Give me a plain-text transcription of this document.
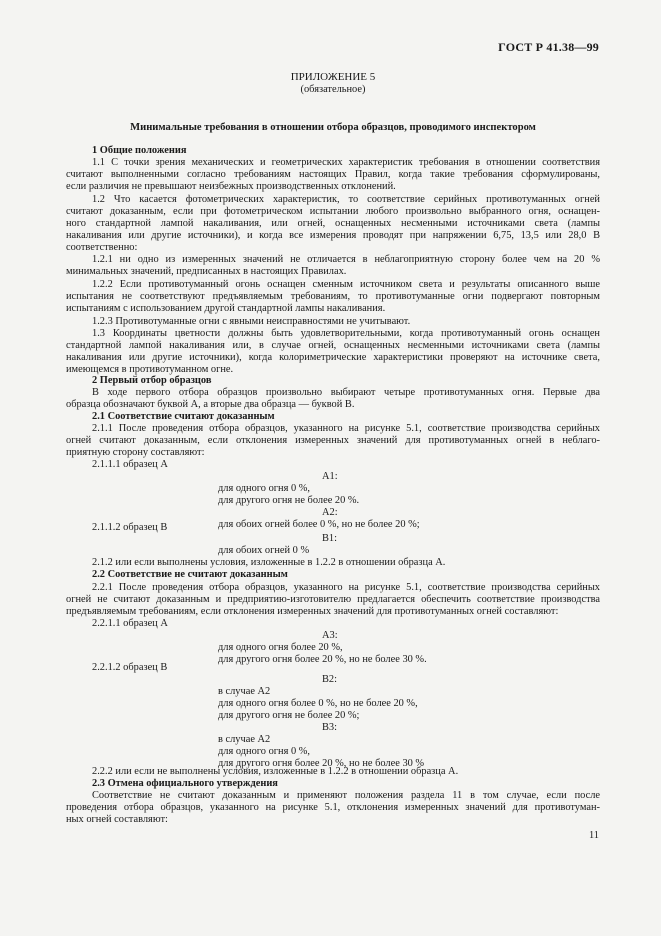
ГОСТ Р 41.38—99
ПРИЛОЖЕНИЕ 5
(обязательное)
Минимальные требования в отношении отбора образцов, проводимого инспектором
1 Общие положения
1.1 С точки зрения механических и геометрических характеристик требования в отношении соответствия
считают выполненными согласно требованиям настоящих Правил, когда такие требования сформулированы,
если различия не превышают неизбежных производственных отклонений.
1.2 Что касается фотометрических характеристик, то соответствие серийных противотуманных огней
считают доказанным, если при фотометрическом испытании любого произвольно выбранного огня, оснащен-
ного стандартной лампой накаливания, или огней, оснащенных несменными источниками света (лампы
накаливания или другие источники), и когда все измерения проводят при напряжении 6,75, 13,5 или 28,0 В
соответственно:
1.2.1 ни одно из измеренных значений не отличается в неблагоприятную сторону более чем на 20 %
минимальных значений, предписанных в настоящих Правилах.
1.2.2 Если противотуманный огонь оснащен сменным источником света и результаты описанного выше
испытания не соответствуют предъявляемым требованиям, то противотуманные огни подвергают повторным
испытаниям с использованием другой стандартной лампы накаливания.
1.2.3 Противотуманные огни с явными неисправностями не учитывают.
1.3 Координаты цветности должны быть удовлетворительными, когда противотуманный огонь оснащен
стандартной лампой накаливания или, в случае огней, оснащенных несменными источниками света (лампы
накаливания или другие источники), когда колориметрические характеристики проверяют на источнике света,
имеющемся в противотуманном огне.
2 Первый отбор образцов
В ходе первого отбора образцов произвольно выбирают четыре противотуманных огня. Первые два
образца обозначают буквой А, а вторые два образца — буквой В.
2.1 Соответствие считают доказанным
2.1.1 После проведения отбора образцов, указанного на рисунке 5.1, соответствие производства серийных
огней считают доказанным, если отклонения измеренных значений для противотуманных огней в неблаго-
приятную сторону составляют:
2.1.1.1 образец А
А1:
для одного огня 0 %,
для другого огня не более 20 %.
А2:
для обоих огней более 0 %, но не более 20 %;
2.1.1.2 образец В
В1:
для обоих огней 0 %
2.1.2 или если выполнены условия, изложенные в 1.2.2 в отношении образца А.
2.2 Соответствие не считают доказанным
2.2.1 После проведения отбора образцов, указанного на рисунке 5.1, соответствие производства серийных
огней не считают доказанным и предприятию-изготовителю предлагается обеспечить соответствие производства
предъявляемым требованиям, если отклонения измеренных значений для противотуманных огней составляют:
2.2.1.1 образец А
А3:
для одного огня более 20 %,
для другого огня более 20 %, но не более 30 %.
2.2.1.2 образец В
В2:
в случае А2
для одного огня более 0 %, но не более 20 %,
для другого огня не более 20 %;
В3:
в случае А2
для одного огня 0 %,
для другого огня более 20 %, но не более 30 %
2.2.2 или если не выполнены условия, изложенные в 1.2.2 в отношении образца А.
2.3 Отмена официального утверждения
Соответствие не считают доказанным и применяют положения раздела 11 в том случае, если после
проведения отбора образцов, указанного на рисунке 5.1, отклонения измеренных значений для противотуман-
ных огней составляют:
11
